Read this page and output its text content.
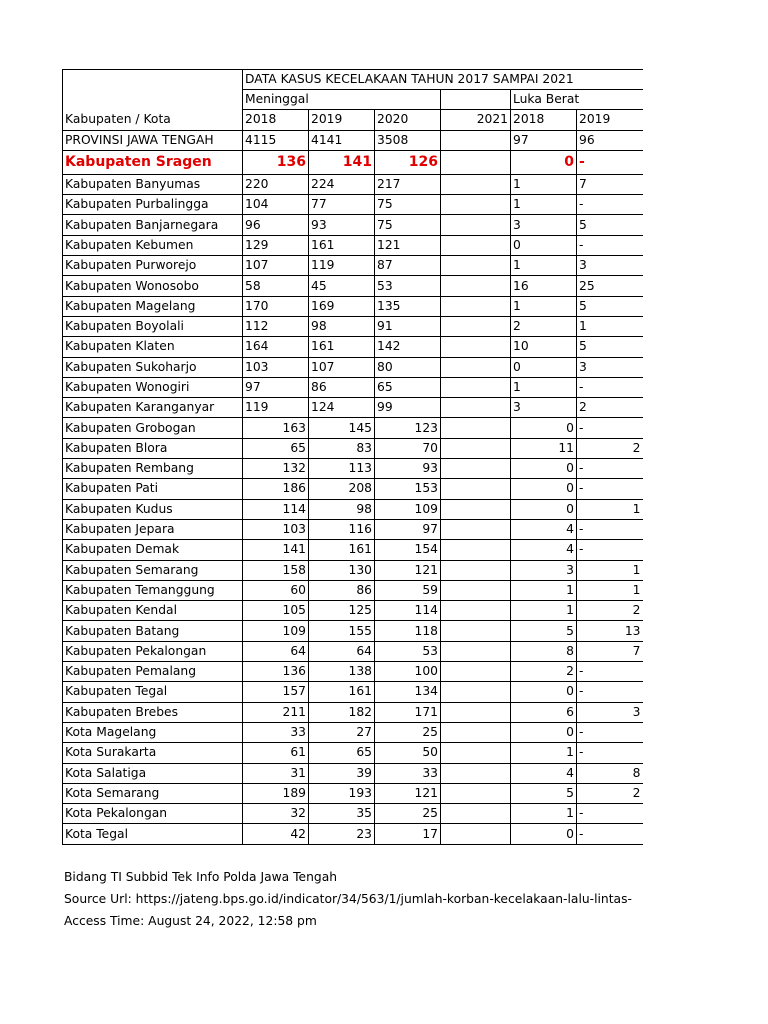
	DATA KASUS KECELAKAAN TAHUN 2017 SAMPAI 2021					
	Meninggal				Luka Berat	
Kabupaten / Kota	2018	2019	2020	2021	2018	2019
PROVINSI JAWA TENGAH	4115	4141	3508		97	96
Kabupaten Sragen	136	141	126		0	-
Kabupaten Banyumas	220	224	217		1	7
Kabupaten Purbalingga	104	77	75		1	-
Kabupaten Banjarnegara	96	93	75		3	5
Kabupaten Kebumen	129	161	121		0	-
Kabupaten Purworejo	107	119	87		1	3
Kabupaten Wonosobo	58	45	53		16	25
Kabupaten Magelang	170	169	135		1	5
Kabupaten Boyolali	112	98	91		2	1
Kabupaten Klaten	164	161	142		10	5
Kabupaten Sukoharjo	103	107	80		0	3
Kabupaten Wonogiri	97	86	65		1	-
Kabupaten Karanganyar	119	124	99		3	2
Kabupaten Grobogan	163	145	123		0	-
Kabupaten Blora	65	83	70		11	2
Kabupaten Rembang	132	113	93		0	-
Kabupaten Pati	186	208	153		0	-
Kabupaten Kudus	114	98	109		0	1
Kabupaten Jepara	103	116	97		4	-
Kabupaten Demak	141	161	154		4	-
Kabupaten Semarang	158	130	121		3	1
Kabupaten Temanggung	60	86	59		1	1
Kabupaten Kendal	105	125	114		1	2
Kabupaten Batang	109	155	118		5	13
Kabupaten Pekalongan	64	64	53		8	7
Kabupaten Pemalang	136	138	100		2	-
Kabupaten Tegal	157	161	134		0	-
Kabupaten Brebes	211	182	171		6	3
Kota Magelang	33	27	25		0	-
Kota Surakarta	61	65	50		1	-
Kota Salatiga	31	39	33		4	8
Kota Semarang	189	193	121		5	2
Kota Pekalongan	32	35	25		1	-
Kota Tegal	42	23	17		0	-
Bidang TI Subbid Tek Info Polda Jawa Tengah
Source Url: https://jateng.bps.go.id/indicator/34/563/1/jumlah-korban-kecelakaan-lalu-lintas-
Access Time: August 24, 2022, 12:58 pm
